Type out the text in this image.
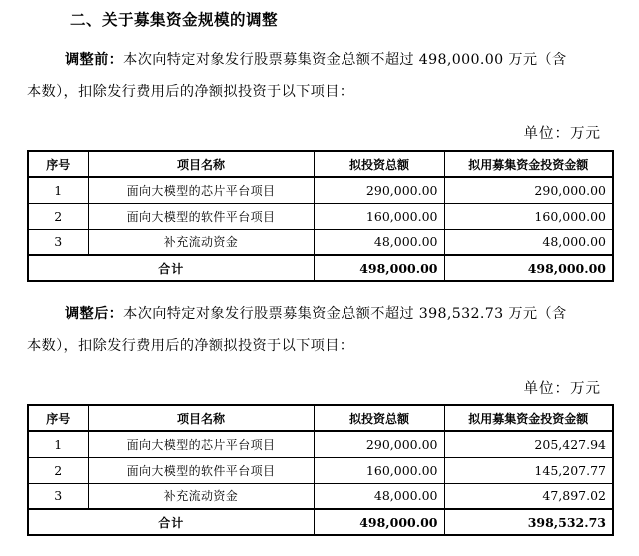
二、关于募集资金规模的调整
调整前：本次向特定对象发行股票募集资金总额不超过 498,000.00 万元（含
本数），扣除发行费用后的净额拟投资于以下项目：
单位：万元
序号	项目名称	拟投资总额	拟用募集资金投资金额
1	面向大模型的芯片平台项目	290,000.00	290,000.00
2	面向大模型的软件平台项目	160,000.00	160,000.00
3	补充流动资金	48,000.00	48,000.00
合计		498,000.00	498,000.00
调整后：本次向特定对象发行股票募集资金总额不超过 398,532.73 万元（含
本数），扣除发行费用后的净额拟投资于以下项目：
单位：万元
序号	项目名称	拟投资总额	拟用募集资金投资金额
1	面向大模型的芯片平台项目	290,000.00	205,427.94
2	面向大模型的软件平台项目	160,000.00	145,207.77
3	补充流动资金	48,000.00	47,897.02
合计		498,000.00	398,532.73
